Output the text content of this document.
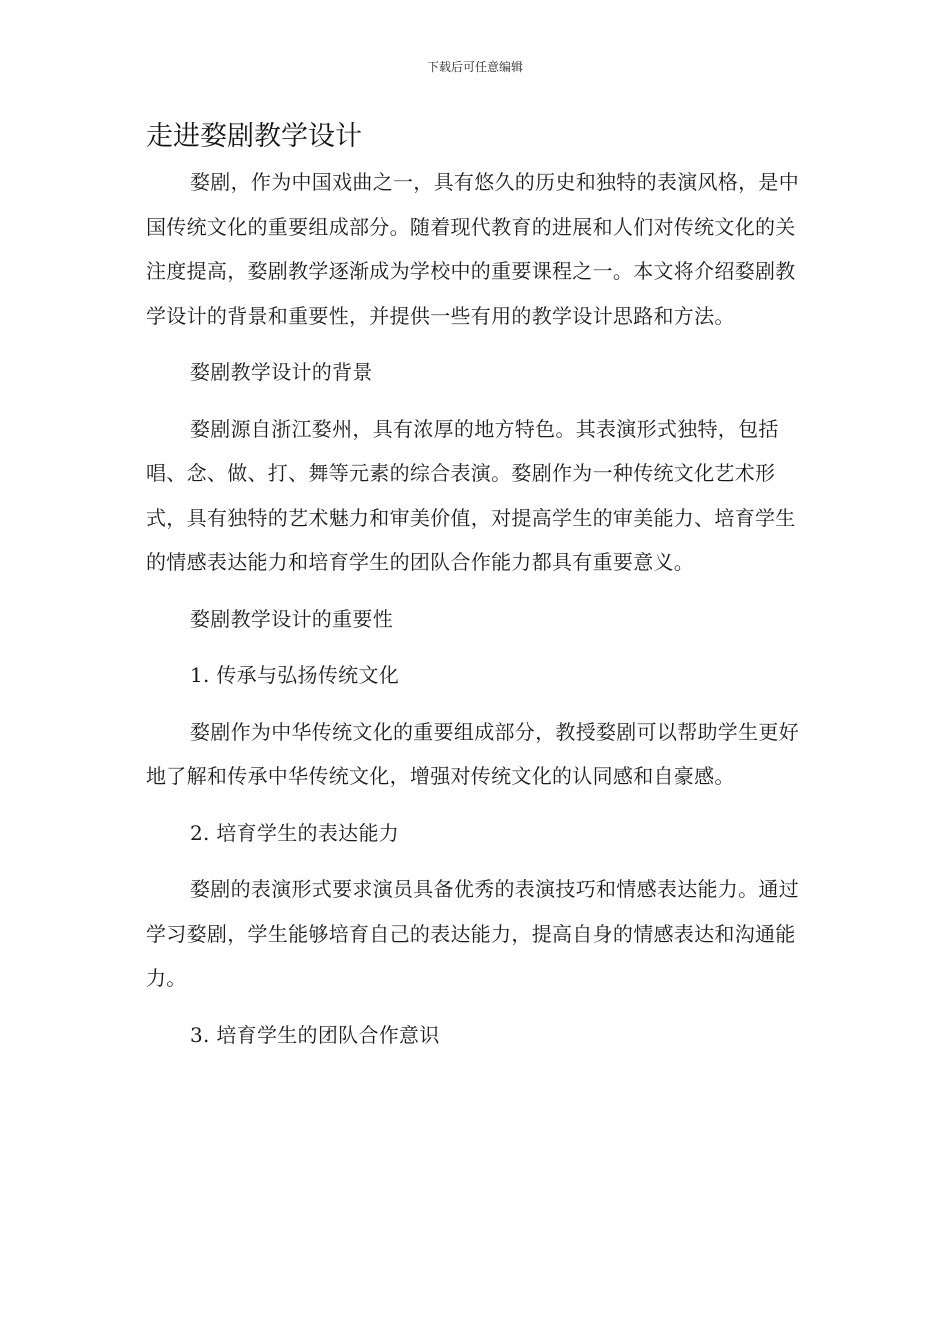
下载后可任意编辑
走进婺剧教学设计

婺剧，作为中国戏曲之一，具有悠久的历史和独特的表演风格，是中国传统文化的重要组成部分。随着现代教育的进展和人们对传统文化的关注度提高，婺剧教学逐渐成为学校中的重要课程之一。本文将介绍婺剧教学设计的背景和重要性，并提供一些有用的教学设计思路和方法。

婺剧教学设计的背景

婺剧源自浙江婺州，具有浓厚的地方特色。其表演形式独特，包括唱、念、做、打、舞等元素的综合表演。婺剧作为一种传统文化艺术形式，具有独特的艺术魅力和审美价值，对提高学生的审美能力、培育学生的情感表达能力和培育学生的团队合作能力都具有重要意义。

婺剧教学设计的重要性

1. 传承与弘扬传统文化

婺剧作为中华传统文化的重要组成部分，教授婺剧可以帮助学生更好地了解和传承中华传统文化，增强对传统文化的认同感和自豪感。

2. 培育学生的表达能力

婺剧的表演形式要求演员具备优秀的表演技巧和情感表达能力。通过学习婺剧，学生能够培育自己的表达能力，提高自身的情感表达和沟通能力。

3. 培育学生的团队合作意识
